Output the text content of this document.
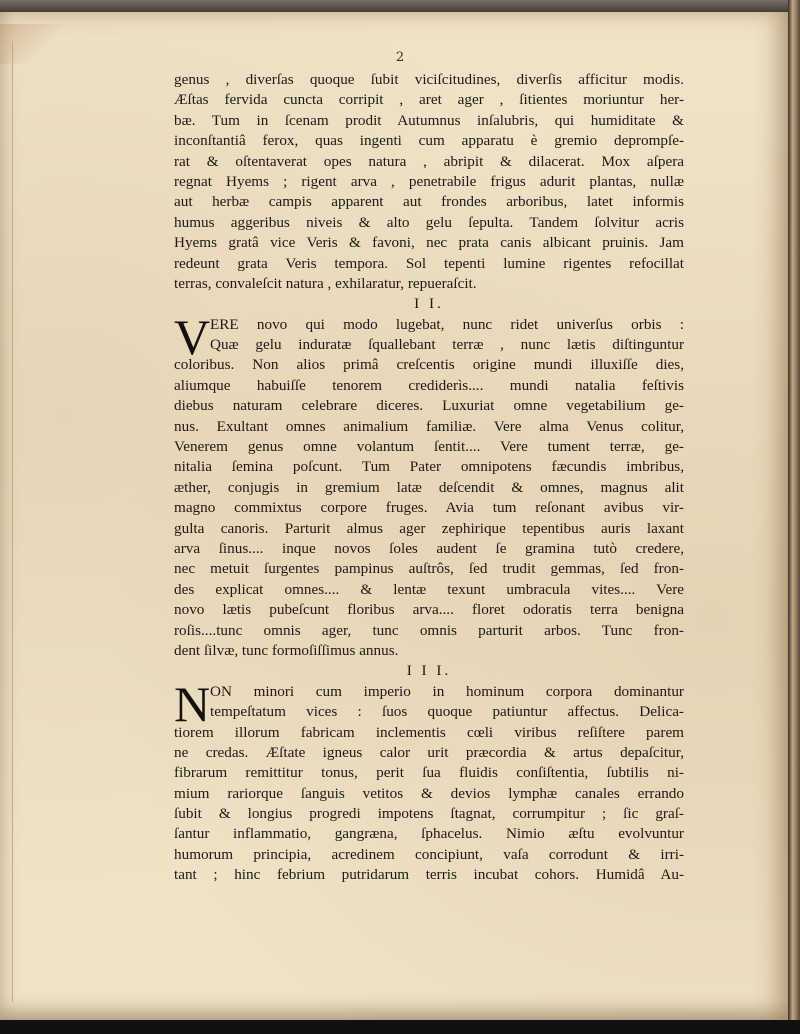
2
genus , diverſas quoque ſubit viciſcitudines, diverſis afficitur modis.
Æſtas fervida cuncta corripit , aret ager , ſitientes moriuntur her-
bæ. Tum in ſcenam prodit Autumnus inſalubris, qui humiditate &
inconſtantiâ ferox, quas ingenti cum apparatu è gremio deprompſe-
rat & oſtentaverat opes natura , abripit & dilacerat. Mox aſpera
regnat Hyems ; rigent arva , penetrabile frigus adurit plantas, nullæ
aut herbæ campis apparent aut frondes arboribus, latet informis
humus aggeribus niveis & alto gelu ſepulta. Tandem ſolvitur acris
Hyems gratâ vice Veris & favoni, nec prata canis albicant pruinis. Jam
redeunt grata Veris tempora. Sol tepenti lumine rigentes refocillat
terras, convaleſcit natura , exhilaratur, repueraſcit.
I I.
V ERE novo qui modo lugebat, nunc ridet univerſus orbis :
Quæ gelu induratæ ſquallebant terræ , nunc lætis diſtinguntur
coloribus. Non alios primâ creſcentis origine mundi illuxiſſe dies,
aliumque habuiſſe tenorem crediderìs.... mundi natalia feſtivis
diebus naturam celebrare diceres. Luxuriat omne vegetabilium ge-
nus. Exultant omnes animalium familiæ. Vere alma Venus colitur,
Venerem genus omne volantum ſentit.... Vere tument terræ, ge-
nitalia ſemina poſcunt. Tum Pater omnipotens fæcundis imbribus,
æther, conjugis in gremium latæ deſcendit & omnes, magnus alit
magno commixtus corpore fruges. Avia tum reſonant avibus vir-
gulta canoris. Parturit almus ager zephirique tepentibus auris laxant
arva ſinus.... inque novos ſoles audent ſe gramina tutò credere,
nec metuit ſurgentes pampinus auſtrôs, ſed trudit gemmas, ſed fron-
des explicat omnes.... & lentæ texunt umbracula vites.... Vere
novo lætis pubeſcunt floribus arva.... floret odoratis terra benigna
roſis....tunc omnis ager, tunc omnis parturit arbos. Tunc fron-
dent ſilvæ, tunc formoſiſſimus annus.
I I I.
N ON minori cum imperio in hominum corpora dominantur
tempeſtatum vices : ſuos quoque patiuntur affectus. Delica-
tiorem illorum fabricam inclementis cœli viribus reſiſtere parem
ne credas. Æſtate igneus calor urit præcordia & artus depaſcitur,
fibrarum remittitur tonus, perit ſua fluidis conſiſtentia, ſubtilis ni-
mium rariorque ſanguis vetitos & devios lymphæ canales errando
ſubit & longius progredi impotens ſtagnat, corrumpitur ; ſic graſ-
ſantur inflammatio, gangræna, ſphacelus. Nimio æſtu evolvuntur
humorum principia, acredinem concipiunt, vaſa corrodunt & irri-
tant ; hinc febrium putridarum terris incubat cohors. Humidâ Au-
